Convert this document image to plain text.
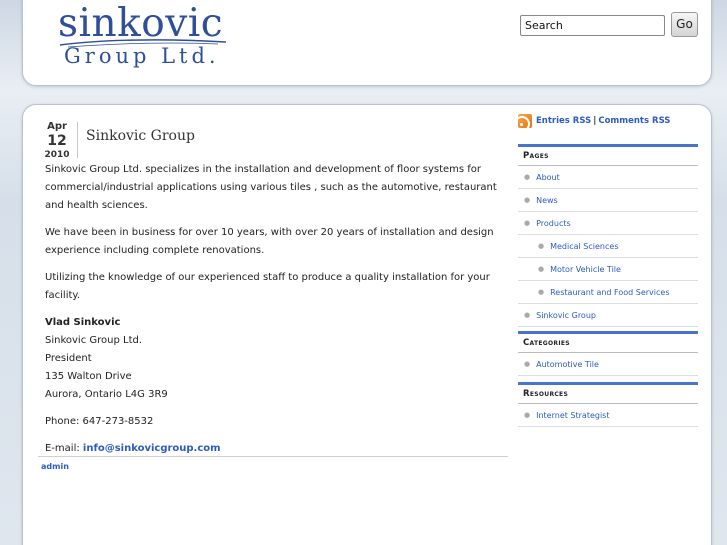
sinkovic
Group Ltd.
Search
Go
Apr
12
2010
Sinkovic Group

Sinkovic Group Ltd. specializes in the installation and development of floor systems for commercial/industrial applications using various tiles , such as the automotive, restaurant and health sciences.

We have been in business for over 10 years, with over 20 years of installation and design experience including complete renovations.

Utilizing the knowledge of our experienced staff to produce a quality installation for your facility.

Vlad Sinkovic
Sinkovic Group Ltd.
President
135 Walton Drive
Aurora, Ontario L4G 3R9

Phone: 647-273-8532

E-mail: info@sinkovicgroup.com

admin
Entries RSS | Comments RSS
Pages
● About
● News
● Products
● Medical Sciences
● Motor Vehicle Tile
● Restaurant and Food Services
● Sinkovic Group
Categories
● Automotive Tile
Resources
● Internet Strategist
